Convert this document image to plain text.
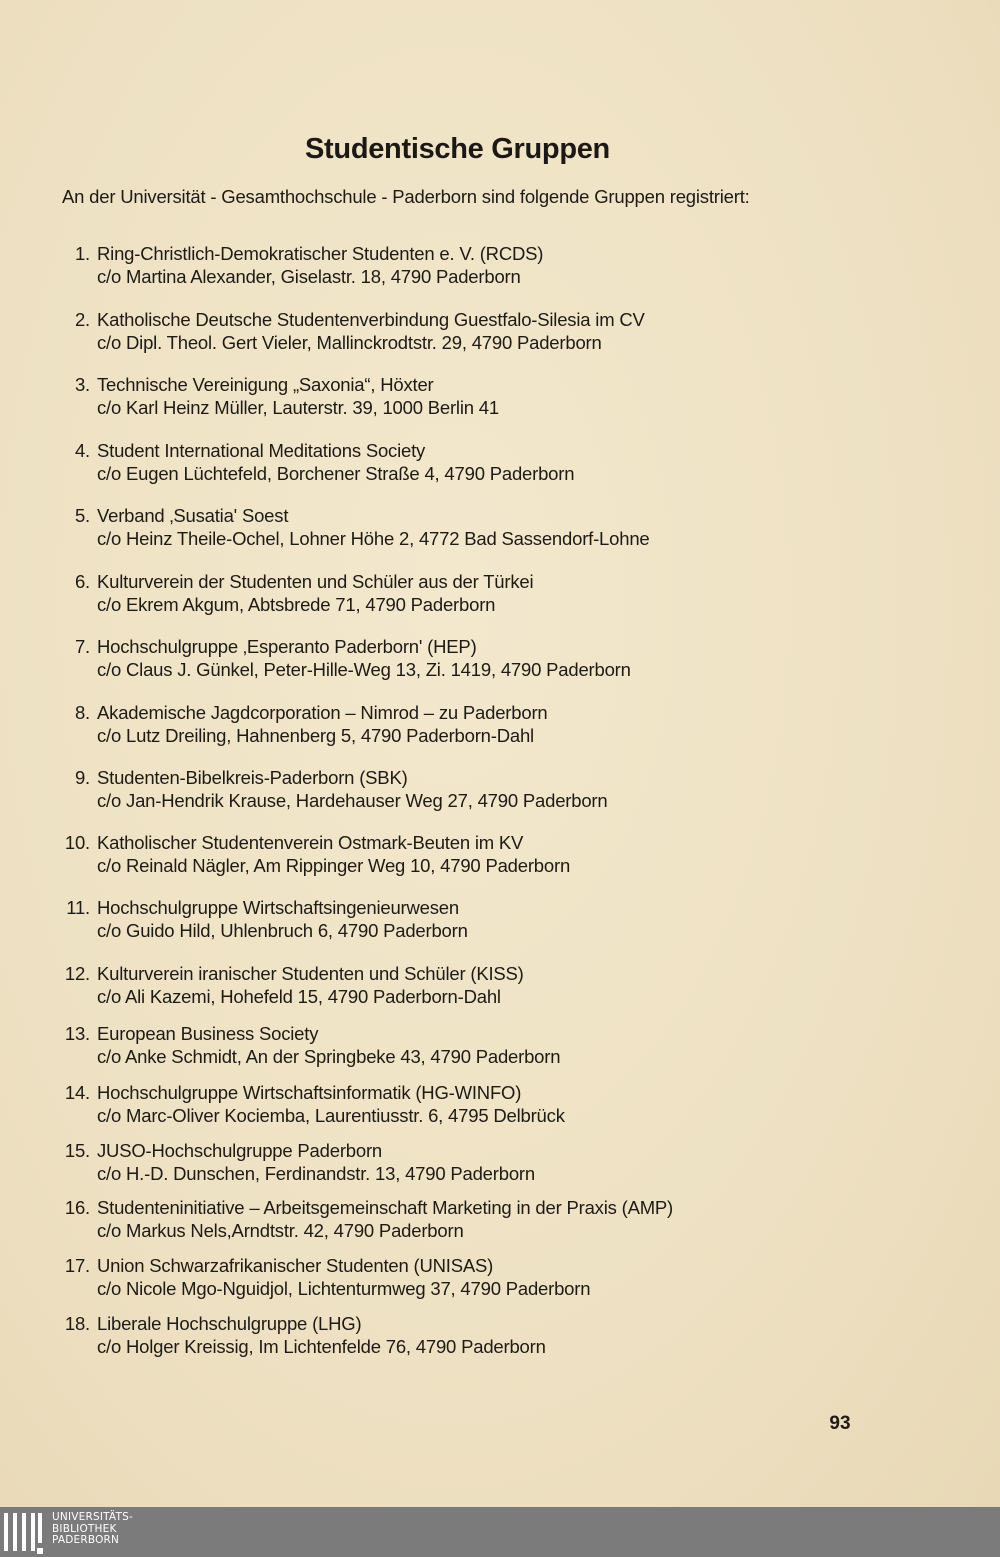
Studentische Gruppen
An der Universität - Gesamthochschule - Paderborn sind folgende Gruppen registriert:
1. Ring-Christlich-Demokratischer Studenten e. V. (RCDS)
c/o Martina Alexander, Giselastr. 18, 4790 Paderborn
2. Katholische Deutsche Studentenverbindung Guestfalo-Silesia im CV
c/o Dipl. Theol. Gert Vieler, Mallinckrodtstr. 29, 4790 Paderborn
3. Technische Vereinigung „Saxonia“, Höxter
c/o Karl Heinz Müller, Lauterstr. 39, 1000 Berlin 41
4. Student International Meditations Society
c/o Eugen Lüchtefeld, Borchener Straße 4, 4790 Paderborn
5. Verband ‚Susatia' Soest
c/o Heinz Theile-Ochel, Lohner Höhe 2, 4772 Bad Sassendorf-Lohne
6. Kulturverein der Studenten und Schüler aus der Türkei
c/o Ekrem Akgum, Abtsbrede 71, 4790 Paderborn
7. Hochschulgruppe ‚Esperanto Paderborn' (HEP)
c/o Claus J. Günkel, Peter-Hille-Weg 13, Zi. 1419, 4790 Paderborn
8. Akademische Jagdcorporation – Nimrod – zu Paderborn
c/o Lutz Dreiling, Hahnenberg 5, 4790 Paderborn-Dahl
9. Studenten-Bibelkreis-Paderborn (SBK)
c/o Jan-Hendrik Krause, Hardehauser Weg 27, 4790 Paderborn
10. Katholischer Studentenverein Ostmark-Beuten im KV
c/o Reinald Nägler, Am Rippinger Weg 10, 4790 Paderborn
11. Hochschulgruppe Wirtschaftsingenieurwesen
c/o Guido Hild, Uhlenbruch 6, 4790 Paderborn
12. Kulturverein iranischer Studenten und Schüler (KISS)
c/o Ali Kazemi, Hohefeld 15, 4790 Paderborn-Dahl
13. European Business Society
c/o Anke Schmidt, An der Springbeke 43, 4790 Paderborn
14. Hochschulgruppe Wirtschaftsinformatik (HG-WINFO)
c/o Marc-Oliver Kociemba, Laurentiusstr. 6, 4795 Delbrück
15. JUSO-Hochschulgruppe Paderborn
c/o H.-D. Dunschen, Ferdinandstr. 13, 4790 Paderborn
16. Studenteninitiative – Arbeitsgemeinschaft Marketing in der Praxis (AMP)
c/o Markus Nels,Arndtstr. 42, 4790 Paderborn
17. Union Schwarzafrikanischer Studenten (UNISAS)
c/o Nicole Mgo-Nguidjol, Lichtenturmweg 37, 4790 Paderborn
18. Liberale Hochschulgruppe (LHG)
c/o Holger Kreissig, Im Lichtenfelde 76, 4790 Paderborn
93
UNIVERSITÄTS-
BIBLIOTHEK
PADERBORN
